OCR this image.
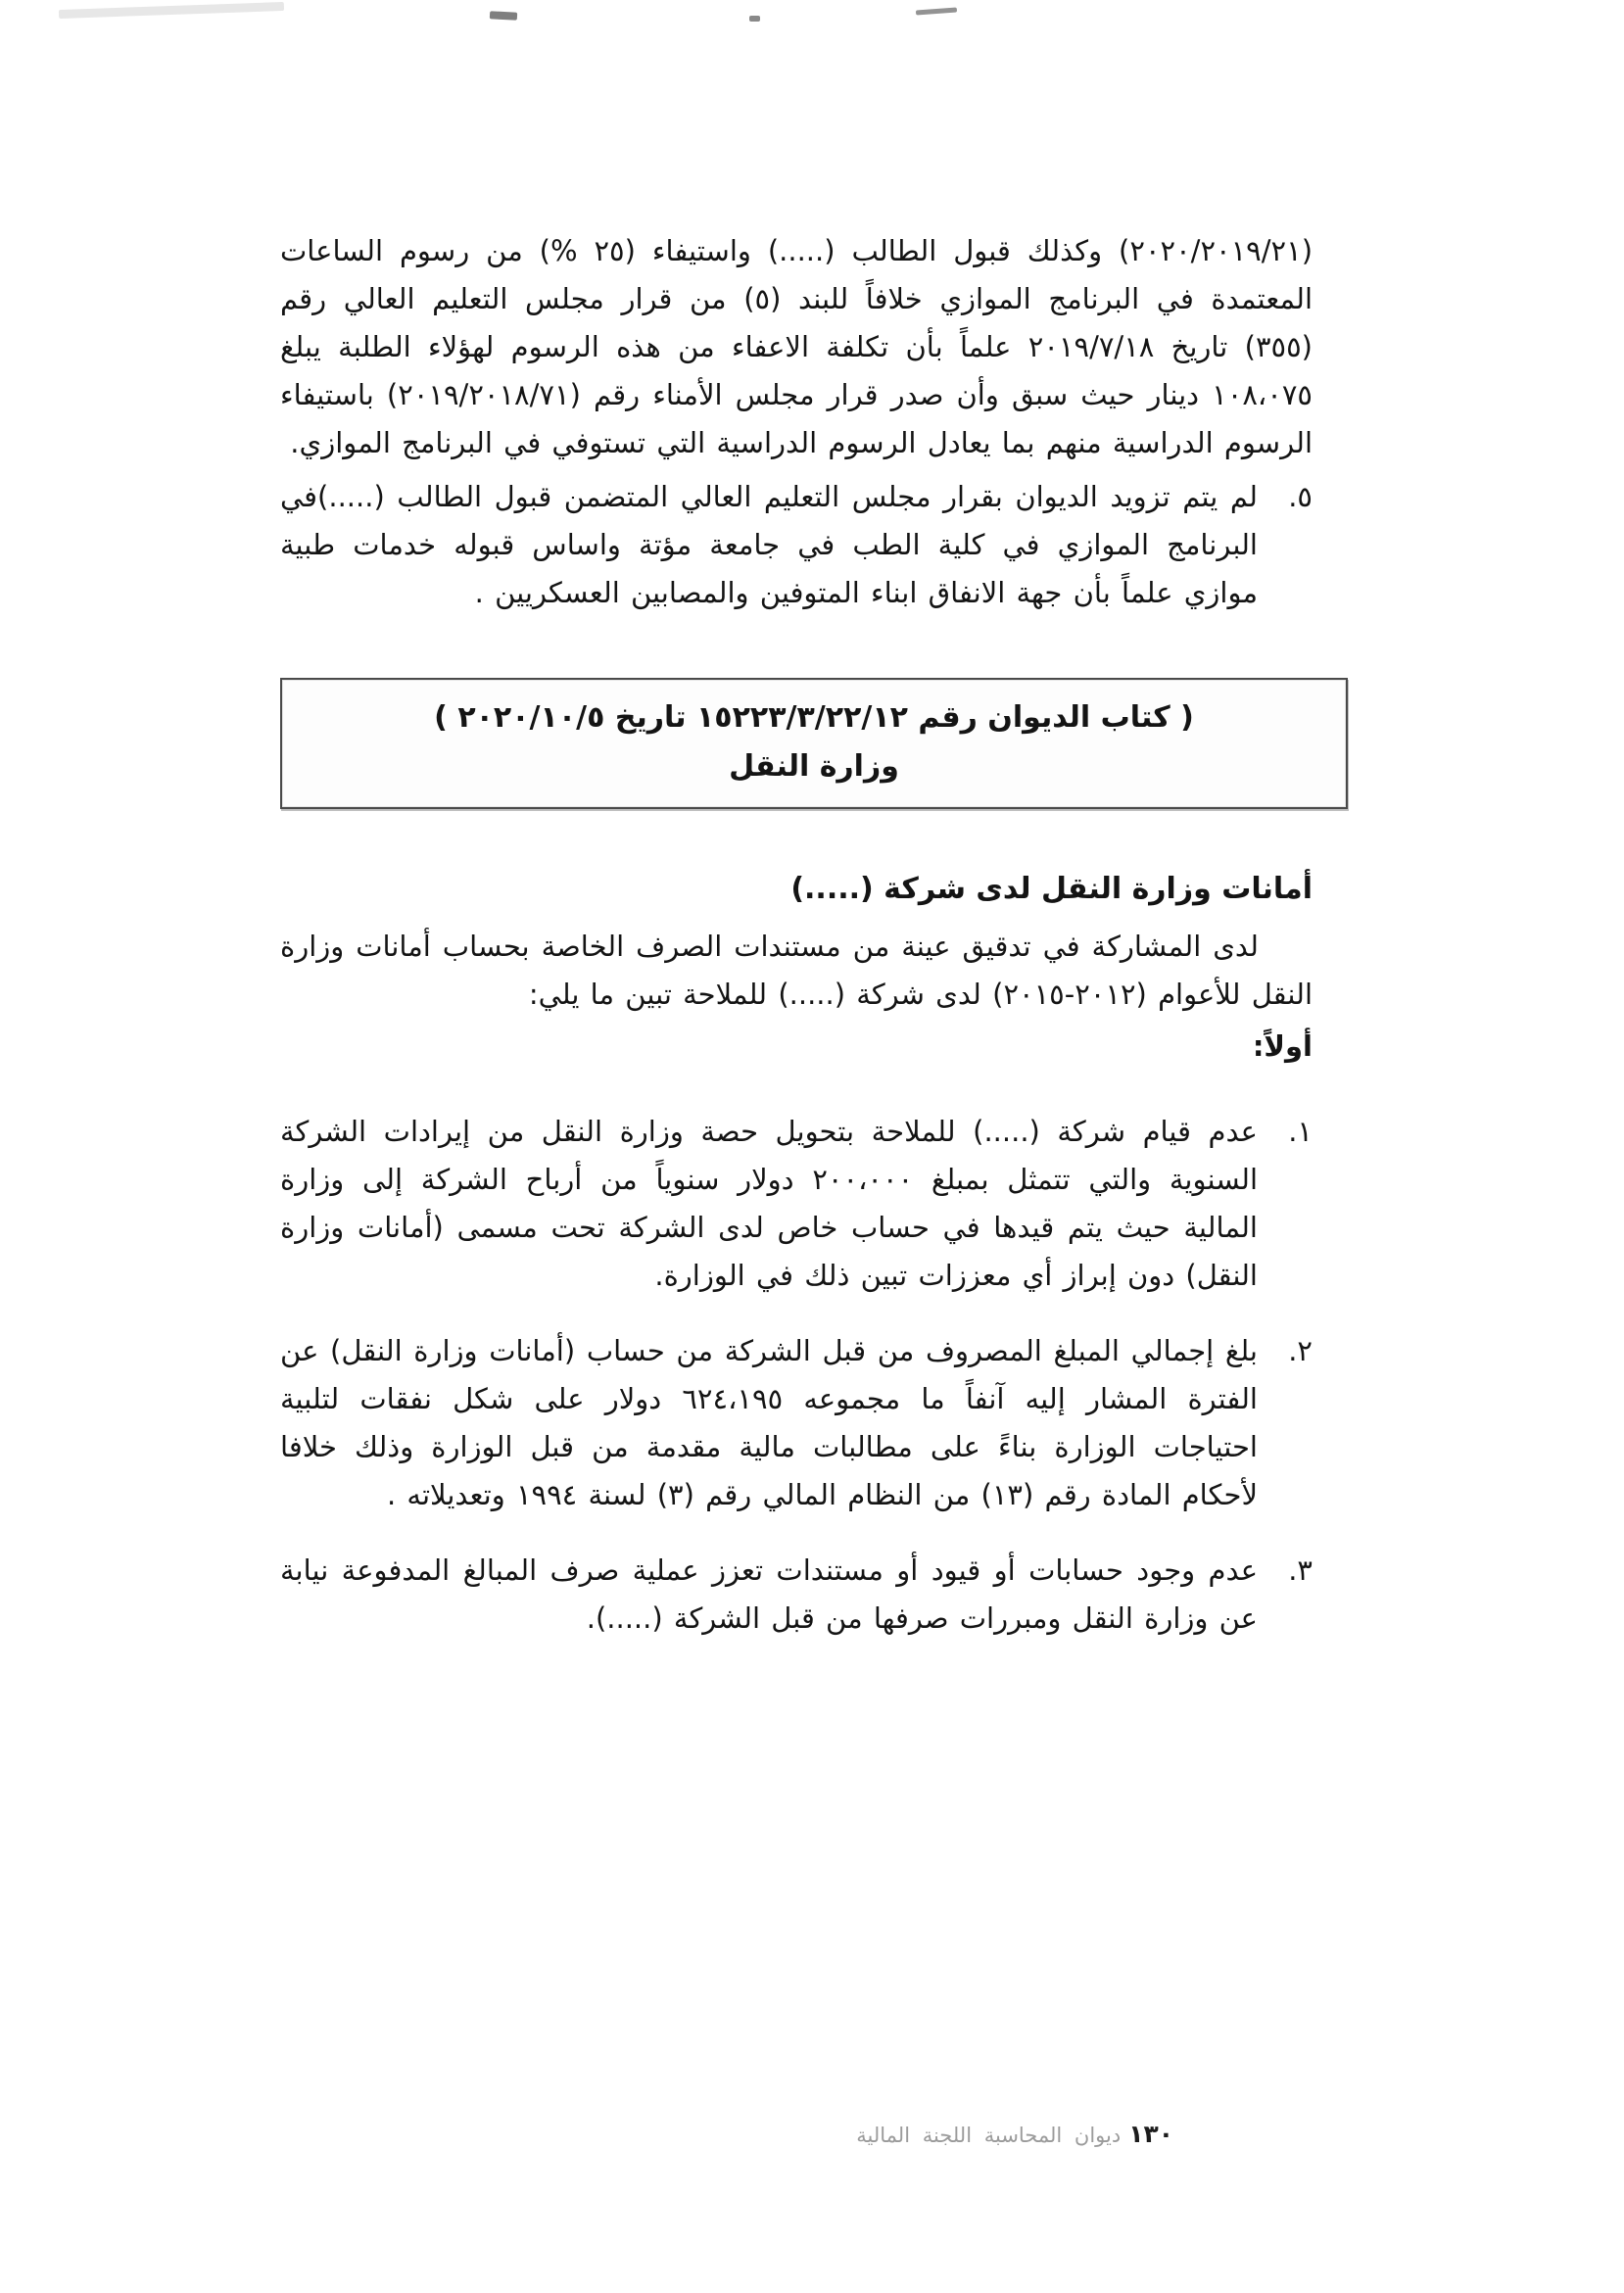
(٢٠٢٠/٢٠١٩/٢١) وكذلك قبول الطالب (.....) واستيفاء (٢٥ %) من رسوم الساعات المعتمدة في البرنامج الموازي خلافاً للبند (٥) من قرار مجلس التعليم العالي رقم (٣٥٥) تاريخ ٢٠١٩/٧/١٨ علماً بأن تكلفة الاعفاء من هذه الرسوم لهؤلاء الطلبة يبلغ ١٠٨،٠٧٥ دينار حيث سبق وأن صدر قرار مجلس الأمناء رقم (٢٠١٩/٢٠١٨/٧١) باستيفاء الرسوم الدراسية منهم بما يعادل الرسوم الدراسية التي تستوفي في البرنامج الموازي.

٥.
لم يتم تزويد الديوان بقرار مجلس التعليم العالي المتضمن قبول الطالب (.....)في البرنامج الموازي في كلية الطب في جامعة مؤتة واساس قبوله خدمات طبية موازي علماً بأن جهة الانفاق ابناء المتوفين والمصابين العسكريين .
( كتاب الديوان رقم ١٥٢٢٣/٣/٢٢/١٢ تاريخ ٢٠٢٠/١٠/٥ )
وزارة النقل
أمانات وزارة النقل لدى شركة (.....)

لدى المشاركة في تدقيق عينة من مستندات الصرف الخاصة بحساب أمانات وزارة النقل للأعوام (٢٠١٢-٢٠١٥) لدى شركة (.....) للملاحة تبين ما يلي:

أولاً:
١.
عدم قيام شركة (.....) للملاحة بتحويل حصة وزارة النقل من إيرادات الشركة السنوية والتي تتمثل بمبلغ ٢٠٠،٠٠٠ دولار سنوياً من أرباح الشركة إلى وزارة المالية حيث يتم قيدها في حساب خاص لدى الشركة تحت مسمى (أمانات وزارة النقل) دون إبراز أي معززات تبين ذلك في الوزارة.
٢.
بلغ إجمالي المبلغ المصروف من قبل الشركة من حساب (أمانات وزارة النقل) عن الفترة المشار إليه آنفاً ما مجموعه ٦٢٤،١٩٥ دولار على شكل نفقات لتلبية احتياجات الوزارة بناءً على مطالبات مالية مقدمة من قبل الوزارة وذلك خلافا لأحكام المادة رقم (١٣) من النظام المالي رقم (٣) لسنة ١٩٩٤ وتعديلاته .
٣.
عدم وجود حسابات أو قيود أو مستندات تعزز عملية صرف المبالغ المدفوعة نيابة عن وزارة النقل ومبررات صرفها من قبل الشركة (.....).
١٣٠
ديوان المحاسبة اللجنة المالية
